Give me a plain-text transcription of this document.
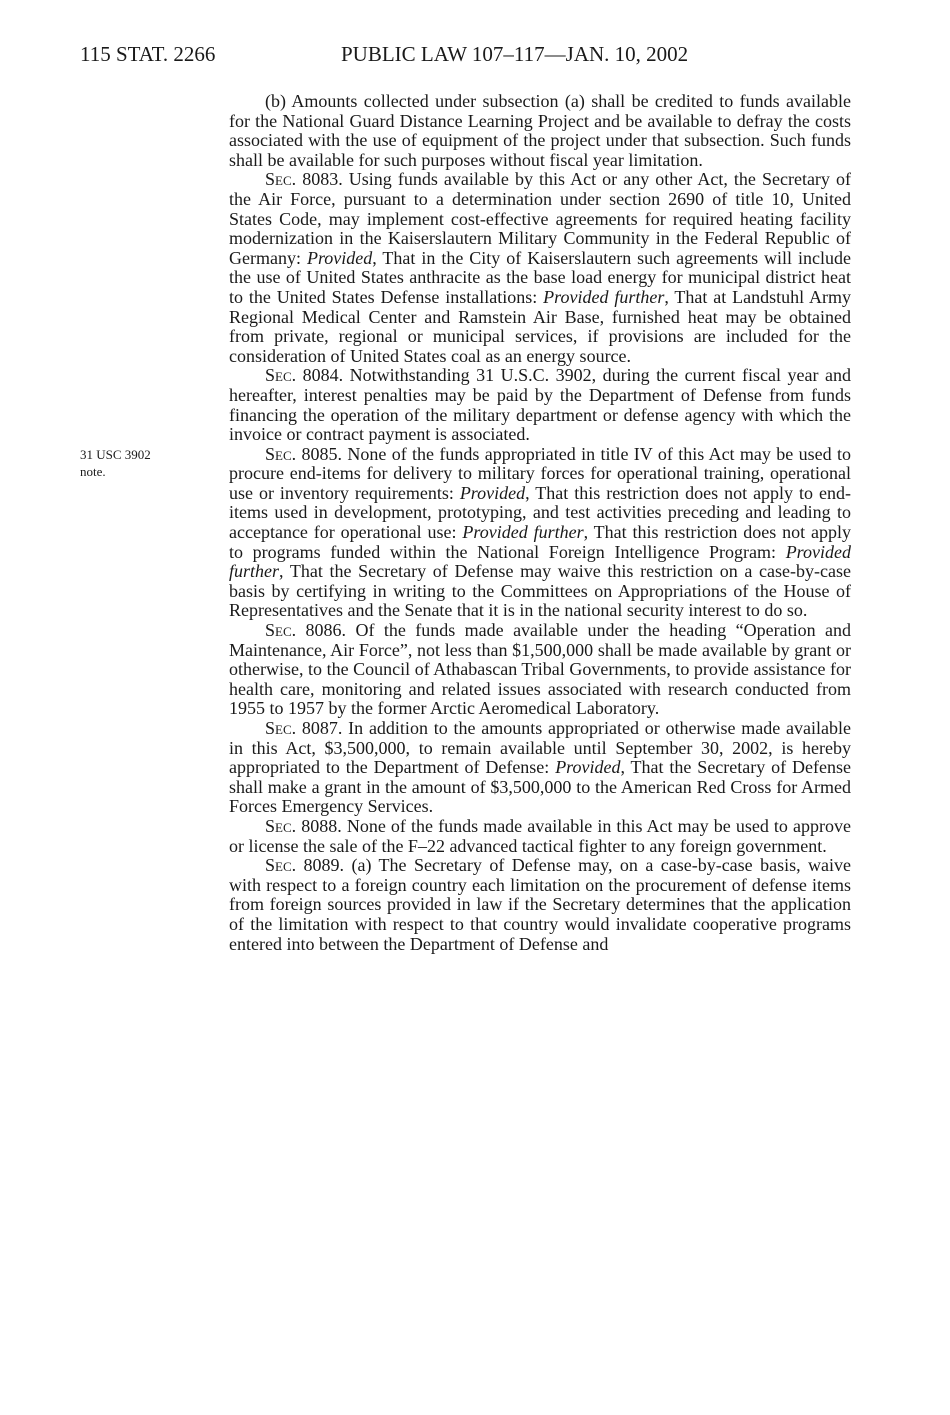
115 STAT. 2266	PUBLIC LAW 107–117—JAN. 10, 2002
31 USC 3902
note.

(b) Amounts collected under subsection (a) shall be credited to funds available for the National Guard Distance Learning Project and be available to defray the costs associated with the use of equipment of the project under that subsection. Such funds shall be available for such purposes without fiscal year limitation.

Sec. 8083. Using funds available by this Act or any other Act, the Secretary of the Air Force, pursuant to a determination under section 2690 of title 10, United States Code, may implement cost-effective agreements for required heating facility modernization in the Kaiserslautern Military Community in the Federal Republic of Germany: Provided, That in the City of Kaiserslautern such agreements will include the use of United States anthracite as the base load energy for municipal district heat to the United States Defense installations: Provided further, That at Landstuhl Army Regional Medical Center and Ramstein Air Base, furnished heat may be obtained from private, regional or municipal services, if provisions are included for the consideration of United States coal as an energy source.

Sec. 8084. Notwithstanding 31 U.S.C. 3902, during the current fiscal year and hereafter, interest penalties may be paid by the Department of Defense from funds financing the operation of the military department or defense agency with which the invoice or contract payment is associated.

Sec. 8085. None of the funds appropriated in title IV of this Act may be used to procure end-items for delivery to military forces for operational training, operational use or inventory requirements: Provided, That this restriction does not apply to end-items used in development, prototyping, and test activities preceding and leading to acceptance for operational use: Provided further, That this restriction does not apply to programs funded within the National Foreign Intelligence Program: Provided further, That the Secretary of Defense may waive this restriction on a case-by-case basis by certifying in writing to the Committees on Appropriations of the House of Representatives and the Senate that it is in the national security interest to do so.

Sec. 8086. Of the funds made available under the heading “Operation and Maintenance, Air Force”, not less than $1,500,000 shall be made available by grant or otherwise, to the Council of Athabascan Tribal Governments, to provide assistance for health care, monitoring and related issues associated with research conducted from 1955 to 1957 by the former Arctic Aeromedical Laboratory.

Sec. 8087. In addition to the amounts appropriated or otherwise made available in this Act, $3,500,000, to remain available until September 30, 2002, is hereby appropriated to the Department of Defense: Provided, That the Secretary of Defense shall make a grant in the amount of $3,500,000 to the American Red Cross for Armed Forces Emergency Services.

Sec. 8088. None of the funds made available in this Act may be used to approve or license the sale of the F–22 advanced tactical fighter to any foreign government.

Sec. 8089. (a) The Secretary of Defense may, on a case-by-case basis, waive with respect to a foreign country each limitation on the procurement of defense items from foreign sources provided in law if the Secretary determines that the application of the limitation with respect to that country would invalidate cooperative programs entered into between the Department of Defense and
